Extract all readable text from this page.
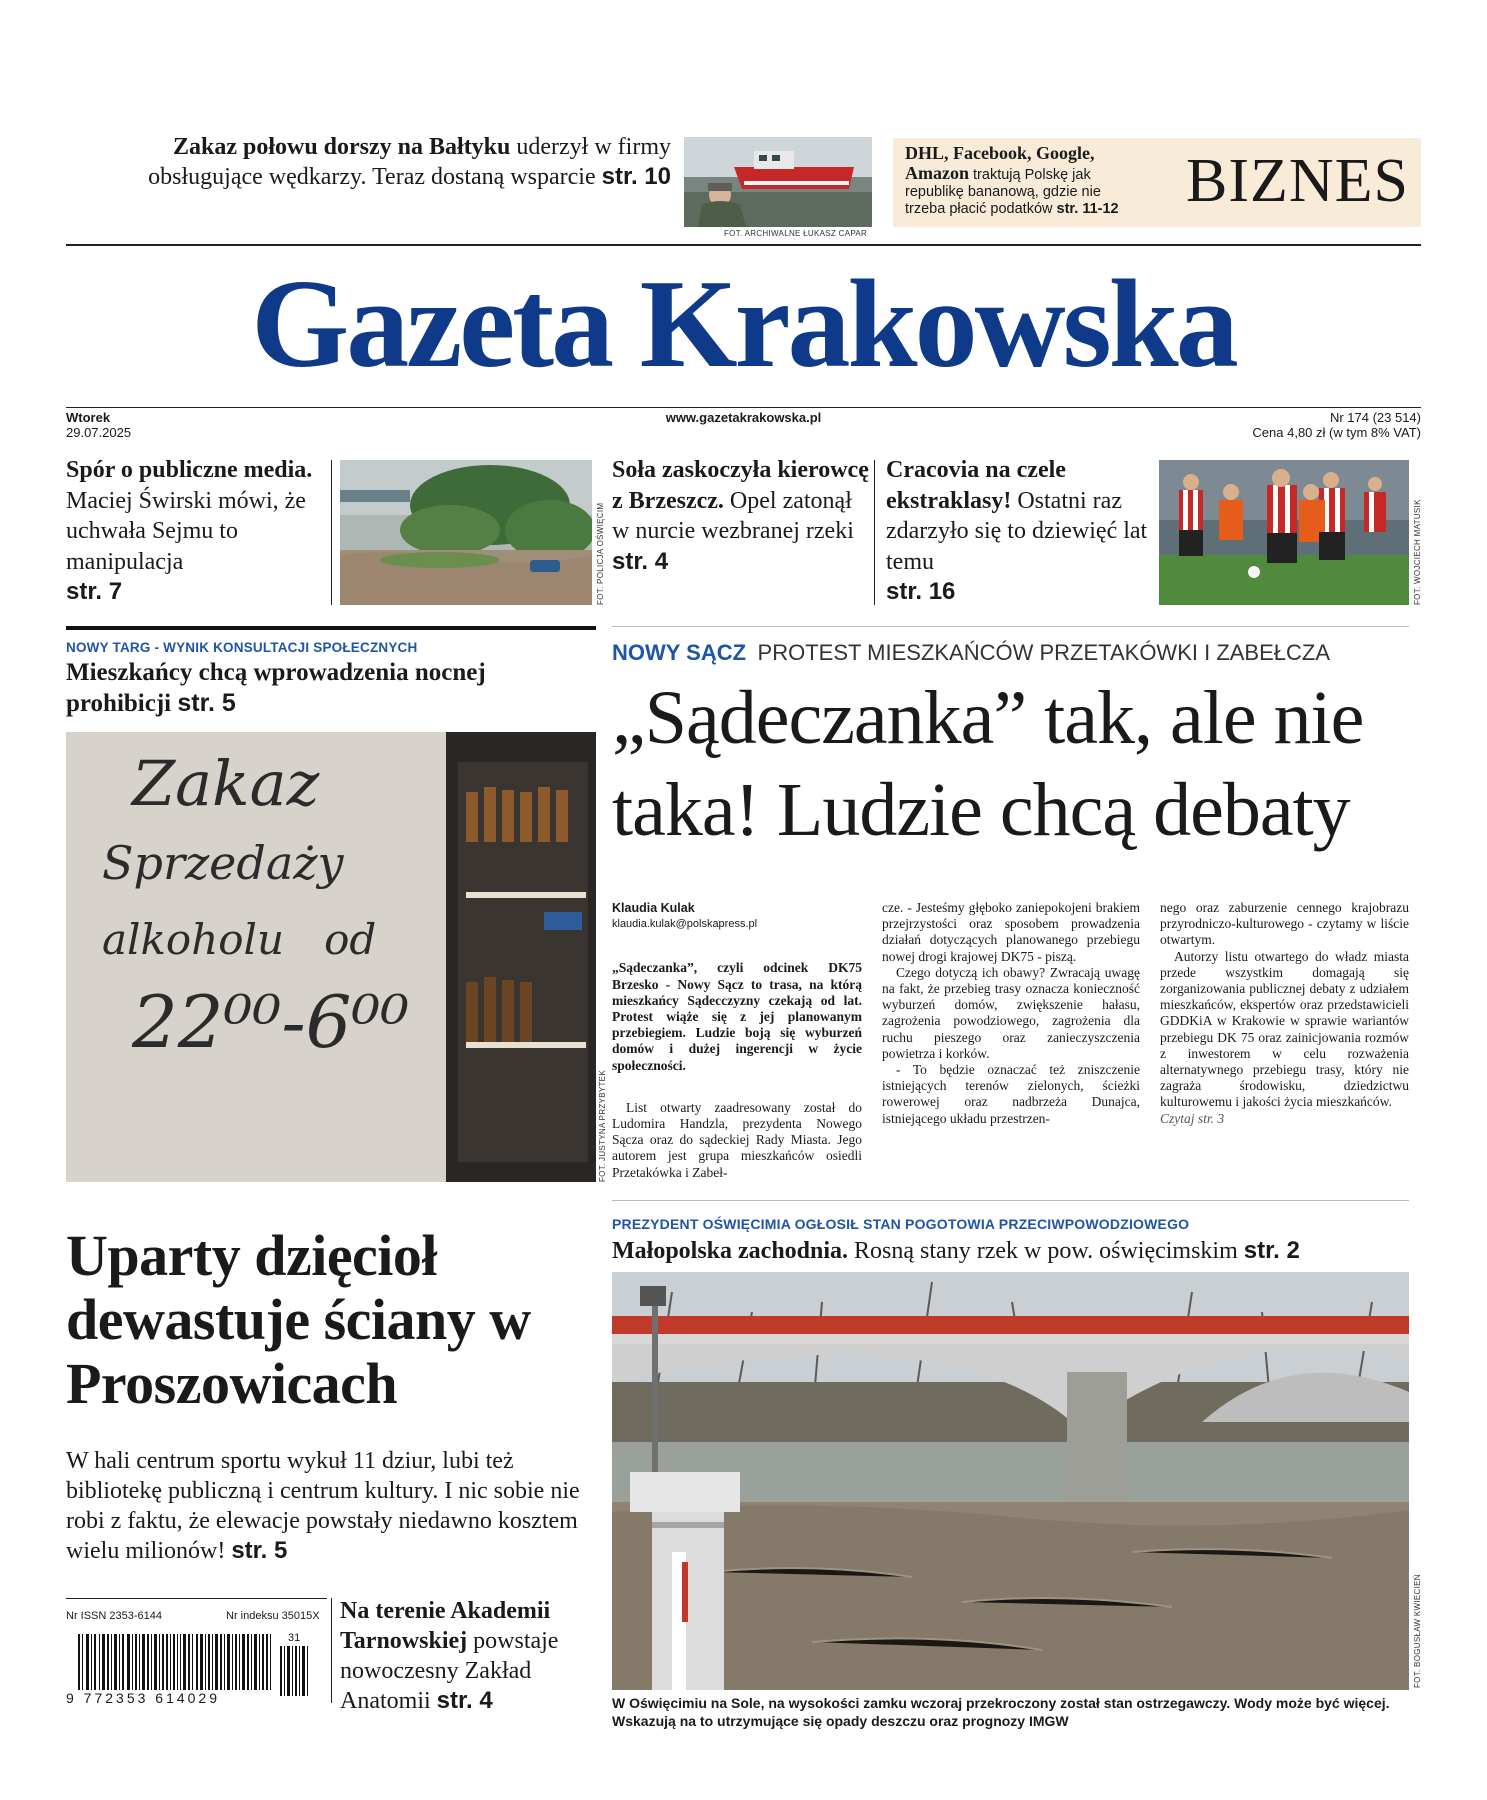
Zakaz połowu dorszy na Bałtyku uderzył w firmy obsługujące wędkarzy. Teraz dostaną wsparcie str. 10
FOT. ARCHIWALNE ŁUKASZ CAPAR
DHL, Facebook, Google, Amazon traktują Polskę jak republikę bananową, gdzie nie trzeba płacić podatków str. 11-12	BIZNES
Gazeta Krakowska
Wtorek
29.07.2025
www.gazetakrakowska.pl	Nr 174 (23 514)
Cena 4,80 zł (w tym 8% VAT)
Spór o publiczne media. Maciej Świrski mówi, że uchwała Sejmu to manipulacja
str. 7	FOT. POLICJA OŚWIĘCIM
Soła zaskoczyła kierowcę z Brzeszcz. Opel zatonął w nurcie wezbranej rzeki
str. 4
Cracovia na czele ekstraklasy! Ostatni raz zdarzyło się to dziewięć lat temu
str. 16	FOT. WOJCIECH MATUSIK
NOWY TARG - WYNIK KONSULTACJI SPOŁECZNYCH
Mieszkańcy chcą wprowadzenia nocnej prohibicji str. 5
Zakaz
Sprzedaży
alkoholu   od
22⁰⁰-6⁰⁰
FOT. JUSTYNA PRZYBYTEK
NOWY SĄCZ PROTEST MIESZKAŃCÓW PRZETAKÓWKI I ZABEŁCZA
„Sądeczanka” tak, ale nie
taka! Ludzie chcą debaty
Klaudia Kulak
klaudia.kulak@polskapress.pl
„Sądeczanka”, czyli odcinek DK75 Brzesko - Nowy Sącz to trasa, na którą mieszkańcy Sądecczyzny czekają od lat. Protest wiąże się z jej planowanym przebiegiem. Ludzie boją się wyburzeń domów i dużej ingerencji w życie społeczności.

List otwarty zaadresowany został do Ludomira Handzla, prezydenta Nowego Sącza oraz do sądeckiej Rady Miasta. Jego autorem jest grupa mieszkańców osiedli Przetakówka i Zabeł-

cze. - Jesteśmy głęboko zaniepokojeni brakiem przejrzystości oraz sposobem prowadzenia działań dotyczących planowanego przebiegu nowej drogi krajowej DK75 - piszą.

Czego dotyczą ich obawy? Zwracają uwagę na fakt, że przebieg trasy oznacza konieczność wyburzeń domów, zwiększenie hałasu, zagrożenia powodziowego, zagrożenia dla ruchu pieszego oraz zanieczyszczenia powietrza i korków.

- To będzie oznaczać też zniszczenie istniejących terenów zielonych, ścieżki rowerowej oraz nadbrzeża Dunajca, istniejącego układu przestrzen-

nego oraz zaburzenie cennego krajobrazu przyrodniczo-kulturowego - czytamy w liście otwartym.

Autorzy listu otwartego do władz miasta przede wszystkim domagają się zorganizowania publicznej debaty z udziałem mieszkańców, ekspertów oraz przedstawicieli GDDKiA w Krakowie w sprawie wariantów przebiegu DK 75 oraz zainicjowania rozmów z inwestorem w celu rozważenia alternatywnego przebiegu trasy, który nie zagraża środowisku, dziedzictwu kulturowemu i jakości życia mieszkańców.

Czytaj str. 3

Uparty dzięcioł dewastuje ściany w Proszowicach
W hali centrum sportu wykuł 11 dziur, lubi też bibliotekę publiczną i centrum kultury. I nic sobie nie robi z faktu, że elewacje powstały niedawno kosztem wielu milionów! str. 5
PREZYDENT OŚWIĘCIMIA OGŁOSIŁ STAN POGOTOWIA PRZECIWPOWODZIOWEGO
Małopolska zachodnia. Rosną stany rzek w pow. oświęcimskim str. 2
FOT. BOGUSŁAW KWIECIEŃ
W Oświęcimiu na Sole, na wysokości zamku wczoraj przekroczony został stan ostrzegawczy. Wody może być więcej. Wskazują na to utrzymujące się opady deszczu oraz prognozy IMGW
Nr ISSN 2353-6144	Nr indeksu 35015X
9 772353 614029
31
Na terenie Akademii Tarnowskiej powstaje nowoczesny Zakład Anatomii str. 4
